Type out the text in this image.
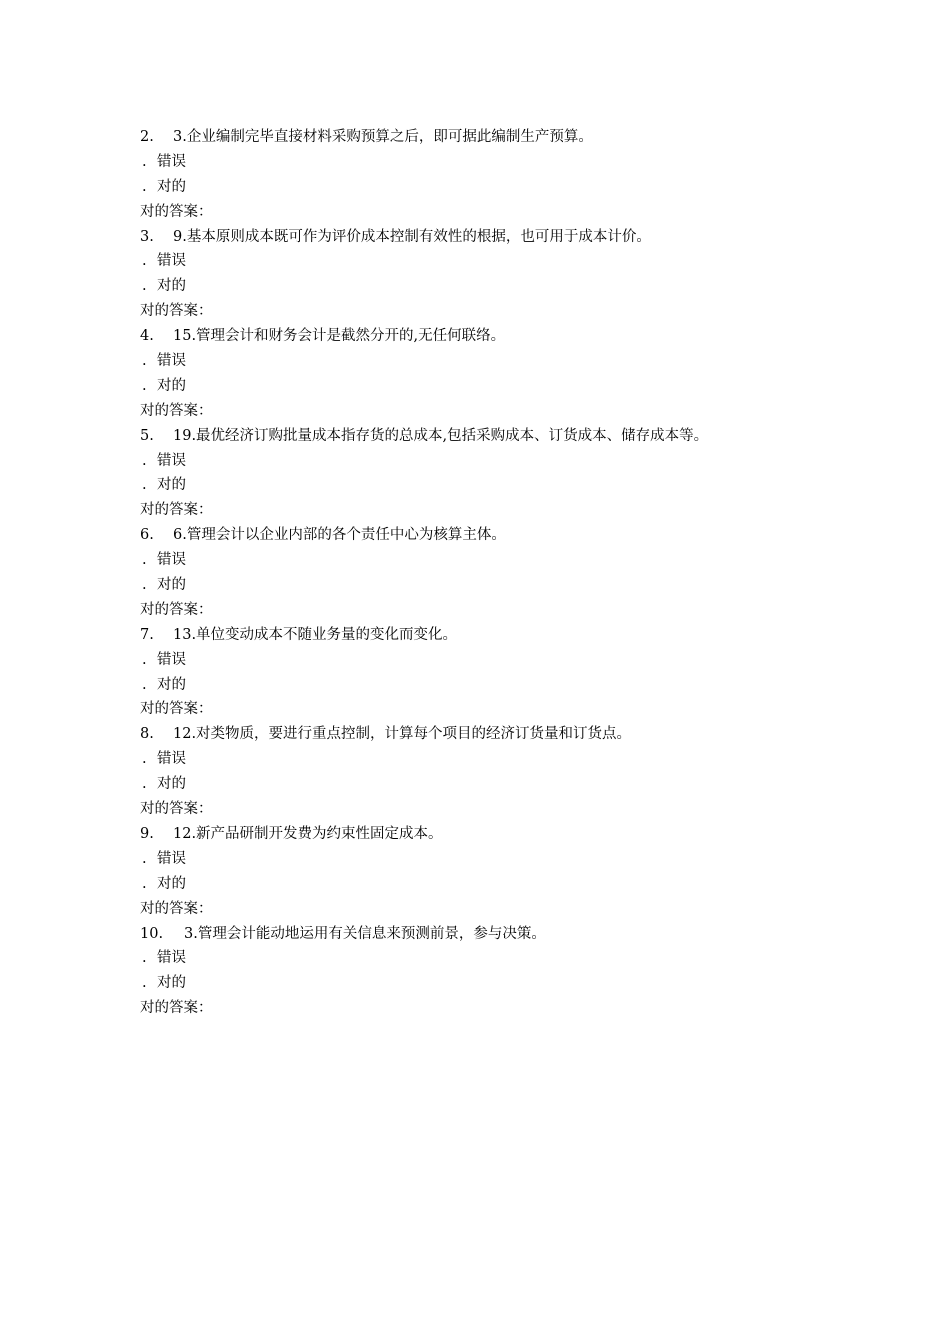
2. 3.企业编制完毕直接材料采购预算之后，即可据此编制生产预算。
. 错误
. 对的
对的答案：
3. 9.基本原则成本既可作为评价成本控制有效性的根据，也可用于成本计价。
. 错误
. 对的
对的答案：
4. 15.管理会计和财务会计是截然分开的,无任何联络。
. 错误
. 对的
对的答案：
5. 19.最优经济订购批量成本指存货的总成本,包括采购成本、订货成本、储存成本等。
. 错误
. 对的
对的答案：
6. 6.管理会计以企业内部的各个责任中心为核算主体。
. 错误
. 对的
对的答案：
7. 13.单位变动成本不随业务量的变化而变化。
. 错误
. 对的
对的答案：
8. 12.对类物质，要进行重点控制，计算每个项目的经济订货量和订货点。
. 错误
. 对的
对的答案：
9. 12.新产品研制开发费为约束性固定成本。
. 错误
. 对的
对的答案：
10. 3.管理会计能动地运用有关信息来预测前景，参与决策。
. 错误
. 对的
对的答案：
